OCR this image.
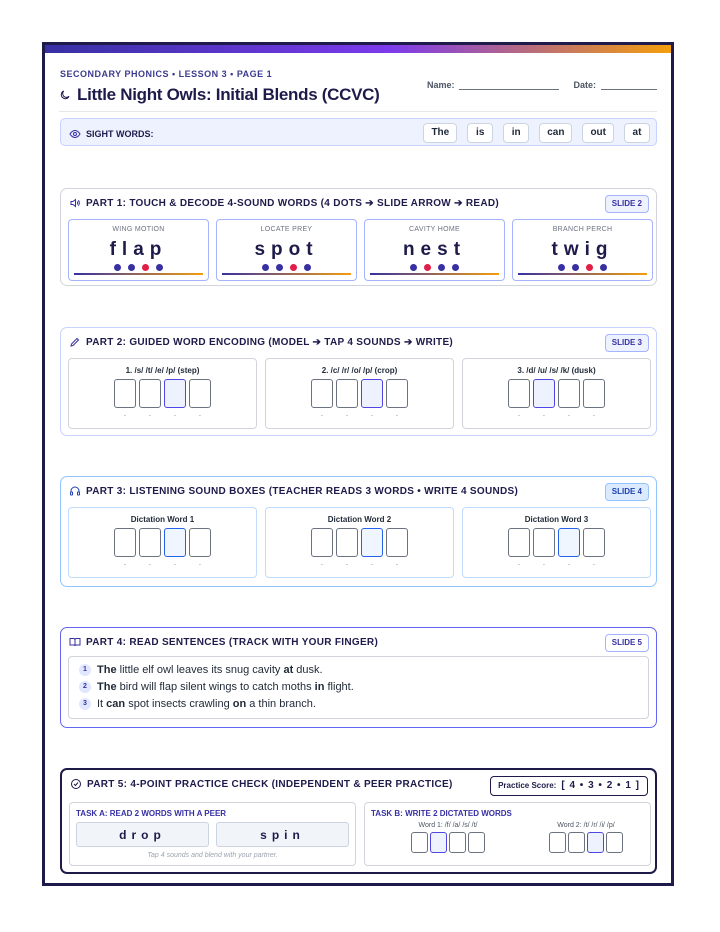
SECONDARY PHONICS • LESSON 3 • PAGE 1
Little Night Owls: Initial Blends (CCVC)	Name:	Date:
SIGHT WORDS:	The	is	in	can	out	at
PART 1: TOUCH & DECODE 4-SOUND WORDS (4 DOTS ➔ SLIDE ARROW ➔ READ)	SLIDE 2
WING MOTION
flap
LOCATE PREY
spot
CAVITY HOME
nest
BRANCH PERCH
twig
PART 2: GUIDED WORD ENCODING (MODEL ➔ TAP 4 SOUNDS ➔ WRITE)	SLIDE 3
1. /s/ /t/ /e/ /p/ (step)
·	·	·	·
2. /c/ /r/ /o/ /p/ (crop)
·	·	·	·
3. /d/ /u/ /s/ /k/ (dusk)
·	·	·	·
PART 3: LISTENING SOUND BOXES (TEACHER READS 3 WORDS • WRITE 4 SOUNDS)	SLIDE 4
Dictation Word 1
·	·	·	·
Dictation Word 2
·	·	·	·
Dictation Word 3
·	·	·	·
PART 4: READ SENTENCES (TRACK WITH YOUR FINGER)	SLIDE 5
1 The little elf owl leaves its snug cavity at dusk.
2 The bird will flap silent wings to catch moths in flight.
3 It can spot insects crawling on a thin branch.
PART 5: 4-POINT PRACTICE CHECK (INDEPENDENT & PEER PRACTICE)	Practice Score: [ 4 • 3 • 2 • 1 ]
TASK A: READ 2 WORDS WITH A PEER
drop	spin
Tap 4 sounds and blend with your partner.
TASK B: WRITE 2 DICTATED WORDS
Word 1: /f/ /a/ /s/ /t/	Word 2: /t/ /r/ /i/ /p/
